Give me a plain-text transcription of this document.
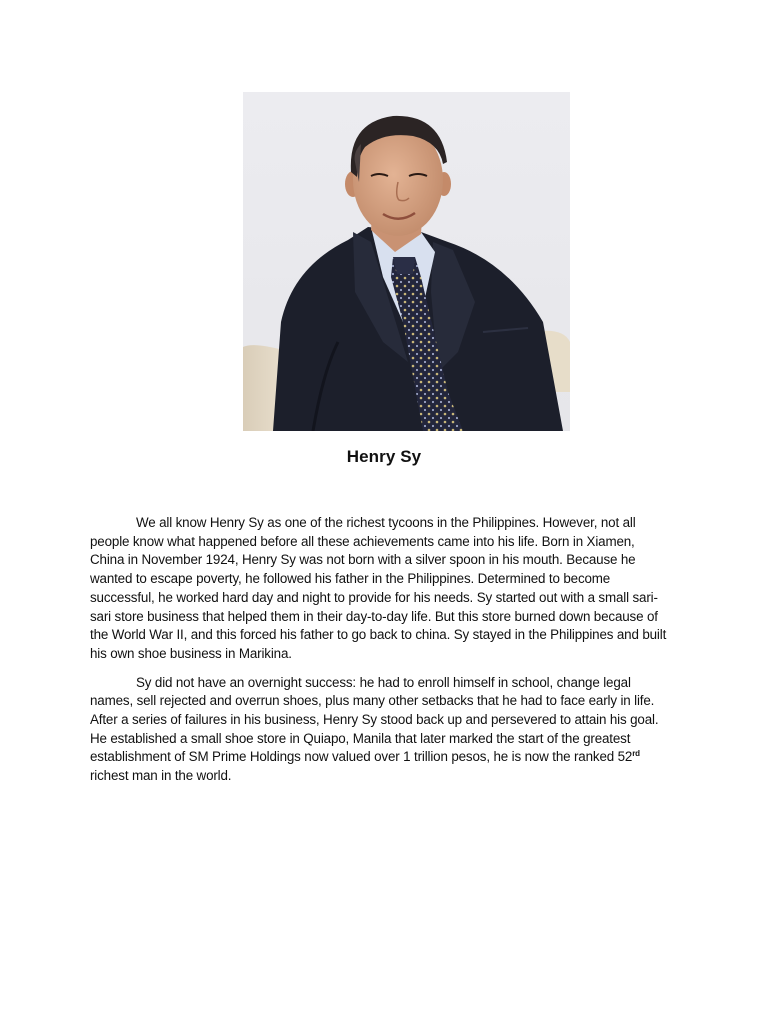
Henry Sy

We all know Henry Sy as one of the richest tycoons in the Philippines. However, not all people know what happened before all these achievements came into his life. Born in Xiamen, China in November 1924, Henry Sy was not born with a silver spoon in his mouth. Because he wanted to escape poverty, he followed his father in the Philippines. Determined to become successful, he worked hard day and night to provide for his needs. Sy started out with a small sari-sari store business that helped them in their day-to-day life. But this store burned down because of the World War II, and this forced his father to go back to china. Sy stayed in the Philippines and built his own shoe business in Marikina.

Sy did not have an overnight success: he had to enroll himself in school, change legal names, sell rejected and overrun shoes, plus many other setbacks that he had to face early in life. After a series of failures in his business, Henry Sy stood back up and persevered to attain his goal. He established a small shoe store in Quiapo, Manila that later marked the start of the greatest establishment of SM Prime Holdings now valued over 1 trillion pesos, he is now the ranked 52rd richest man in the world.
